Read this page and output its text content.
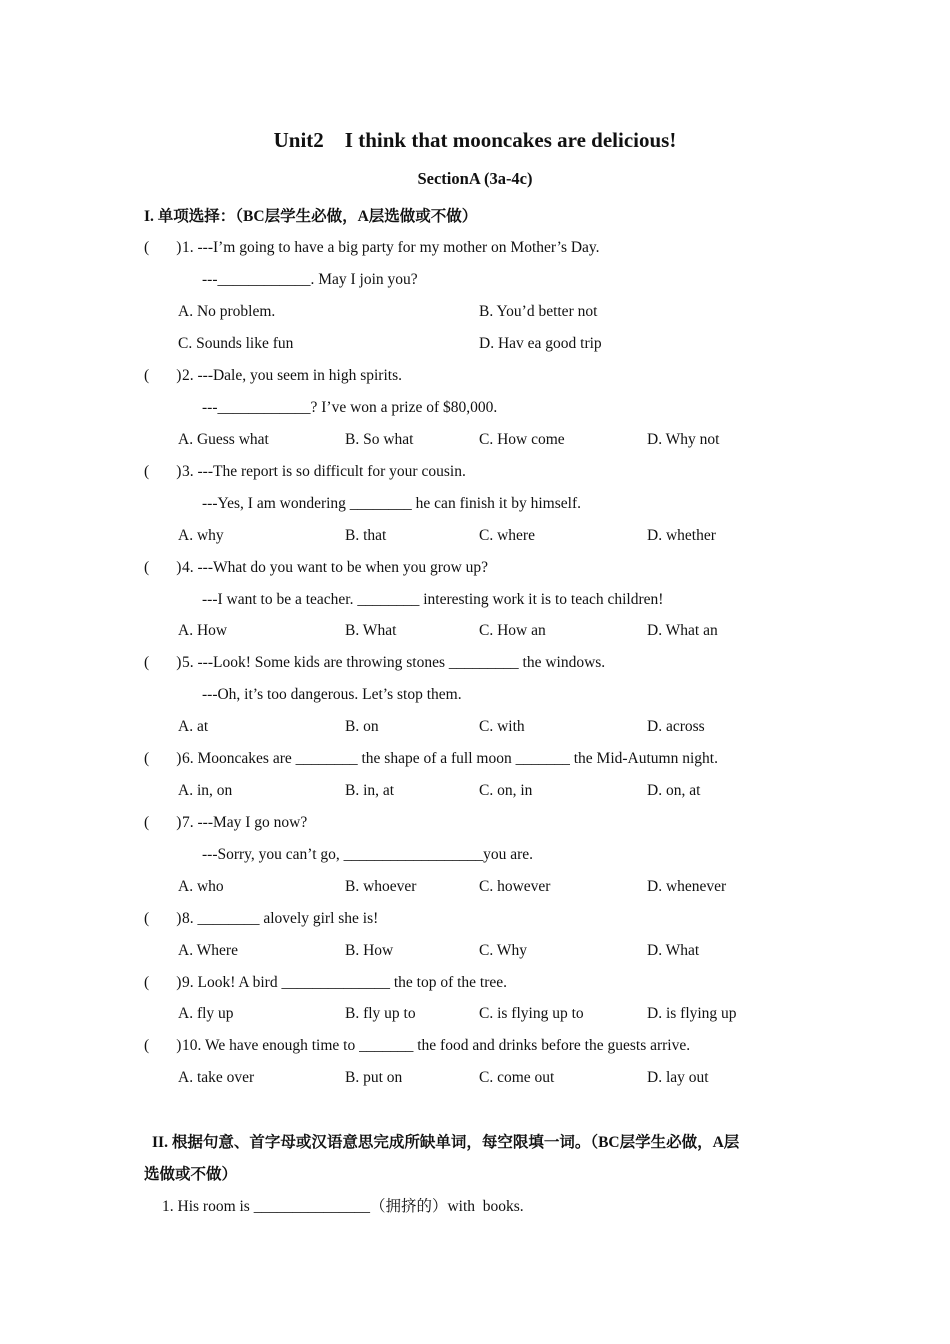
Unit2    I think that mooncakes are delicious!
SectionA (3a-4c)
I. 单项选择：（BC层学生必做，A层选做或不做）
(       ) 1. ---I’m going to have a big party for my mother on Mother’s Day.
---____________. May I join you?
A. No problem.	B. You’d better not
C. Sounds like fun	D. Hav ea good trip
(       ) 2. ---Dale, you seem in high spirits.
---____________? I’ve won a prize of $80,000.
A. Guess what	B. So what	C. How come	D. Why not
(       ) 3. ---The report is so difficult for your cousin.
---Yes, I am wondering ________ he can finish it by himself.
A. why	B. that	C. where	D. whether
(       ) 4. ---What do you want to be when you grow up?
---I want to be a teacher. ________ interesting work it is to teach children!
A. How	B. What	C. How an	D. What an
(       ) 5. ---Look! Some kids are throwing stones _________ the windows.
---Oh, it’s too dangerous. Let’s stop them.
A. at	B. on	C. with	D. across
(       ) 6. Mooncakes are ________ the shape of a full moon _______ the Mid-Autumn night.
A. in, on	B. in, at	C. on, in	D. on, at
(       ) 7. ---May I go now?
---Sorry, you can’t go, __________________you are.
A. who	B. whoever	C. however	D. whenever
(       ) 8. ________ alovely girl she is!
A. Where	B. How	C. Why	D. What
(       ) 9. Look! A bird ______________ the top of the tree.
A. fly up	B. fly up to	C. is flying up to	D. is flying up
(       ) 10. We have enough time to _______ the food and drinks before the guests arrive.
A. take over	B. put on	C. come out	D. lay out
II. 根据句意、首字母或汉语意思完成所缺单词，每空限填一词。（BC层学生必做，A层
选做或不做）
1. His room is _______________（拥挤的）with  books.
